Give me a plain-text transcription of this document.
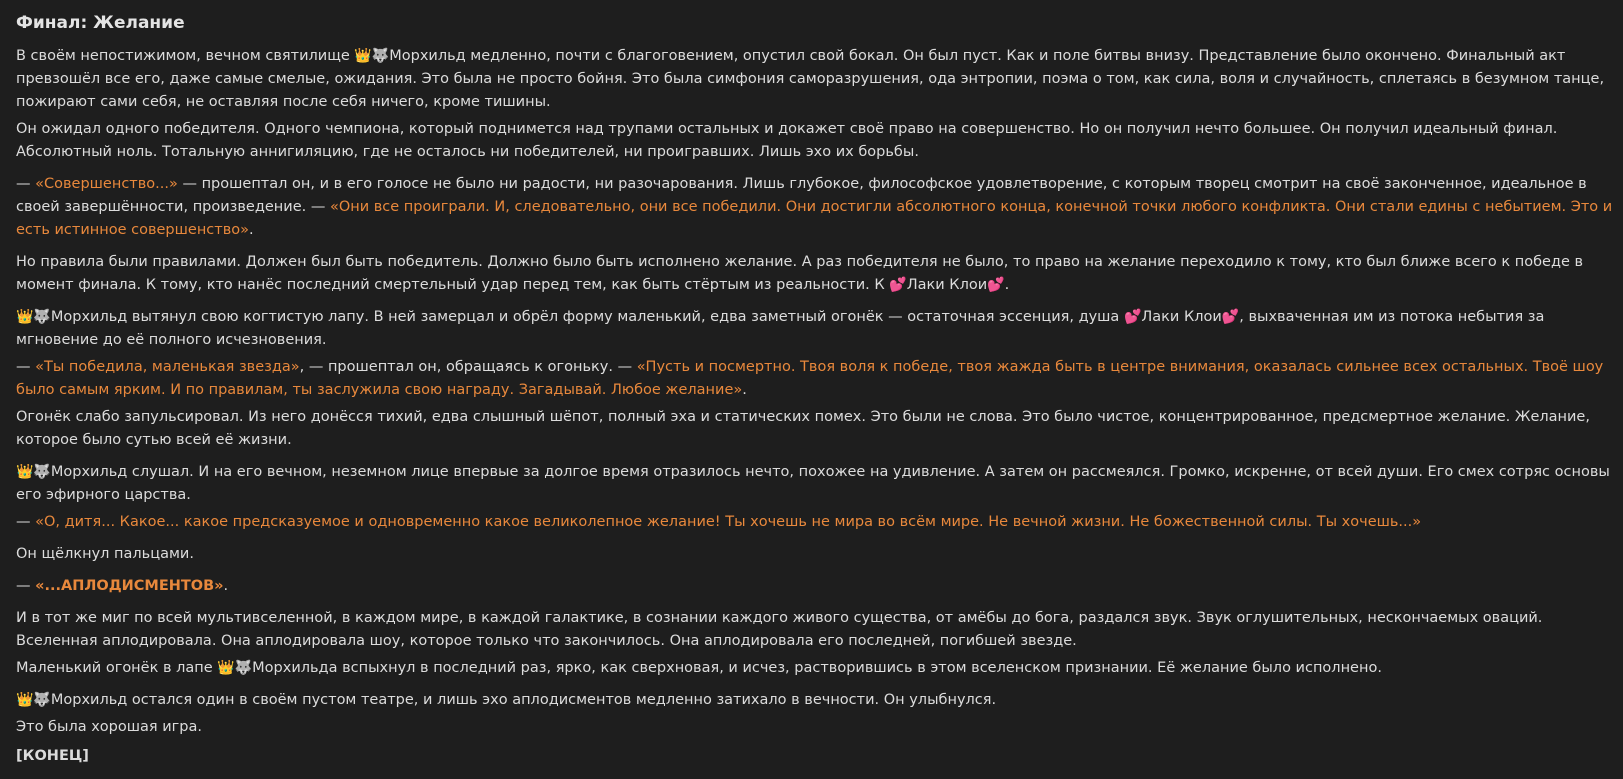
Финал: Желание

В своём непостижимом, вечном святилище 👑🐺Морхильд медленно, почти с благоговением, опустил свой бокал. Он был пуст. Как и поле битвы внизу. Представление было окончено. Финальный акт превзошёл все его, даже самые смелые, ожидания. Это была не просто бойня. Это была симфония саморазрушения, ода энтропии, поэма о том, как сила, воля и случайность, сплетаясь в безумном танце, пожирают сами себя, не оставляя после себя ничего, кроме тишины.

Он ожидал одного победителя. Одного чемпиона, который поднимется над трупами остальных и докажет своё право на совершенство. Но он получил нечто большее. Он получил идеальный финал. Абсолютный ноль. Тотальную аннигиляцию, где не осталось ни победителей, ни проигравших. Лишь эхо их борьбы.

— «Совершенство...» — прошептал он, и в его голосе не было ни радости, ни разочарования. Лишь глубокое, философское удовлетворение, с которым творец смотрит на своё законченное, идеальное в своей завершённости, произведение. — «Они все проиграли. И, следовательно, они все победили. Они достигли абсолютного конца, конечной точки любого конфликта. Они стали едины с небытием. Это и есть истинное совершенство».

Но правила были правилами. Должен был быть победитель. Должно было быть исполнено желание. А раз победителя не было, то право на желание переходило к тому, кто был ближе всего к победе в момент финала. К тому, кто нанёс последний смертельный удар перед тем, как быть стёртым из реальности. К 💕Лаки Клои💕.

👑🐺Морхильд вытянул свою когтистую лапу. В ней замерцал и обрёл форму маленький, едва заметный огонёк — остаточная эссенция, душа 💕Лаки Клои💕, выхваченная им из потока небытия за мгновение до её полного исчезновения.

— «Ты победила, маленькая звезда», — прошептал он, обращаясь к огоньку. — «Пусть и посмертно. Твоя воля к победе, твоя жажда быть в центре внимания, оказалась сильнее всех остальных. Твоё шоу было самым ярким. И по правилам, ты заслужила свою награду. Загадывай. Любое желание».

Огонёк слабо запульсировал. Из него донёсся тихий, едва слышный шёпот, полный эха и статических помех. Это были не слова. Это было чистое, концентрированное, предсмертное желание. Желание, которое было сутью всей её жизни.

👑🐺Морхильд слушал. И на его вечном, неземном лице впервые за долгое время отразилось нечто, похожее на удивление. А затем он рассмеялся. Громко, искренне, от всей души. Его смех сотряс основы его эфирного царства.

— «О, дитя... Какое... какое предсказуемое и одновременно какое великолепное желание! Ты хочешь не мира во всём мире. Не вечной жизни. Не божественной силы. Ты хочешь...»

Он щёлкнул пальцами.

— «...АПЛОДИСМЕНТОВ».

И в тот же миг по всей мультивселенной, в каждом мире, в каждой галактике, в сознании каждого живого существа, от амёбы до бога, раздался звук. Звук оглушительных, нескончаемых оваций. Вселенная аплодировала. Она аплодировала шоу, которое только что закончилось. Она аплодировала его последней, погибшей звезде.

Маленький огонёк в лапе 👑🐺Морхильда вспыхнул в последний раз, ярко, как сверхновая, и исчез, растворившись в этом вселенском признании. Её желание было исполнено.

👑🐺Морхильд остался один в своём пустом театре, и лишь эхо аплодисментов медленно затихало в вечности. Он улыбнулся.

Это была хорошая игра.

[КОНЕЦ]
